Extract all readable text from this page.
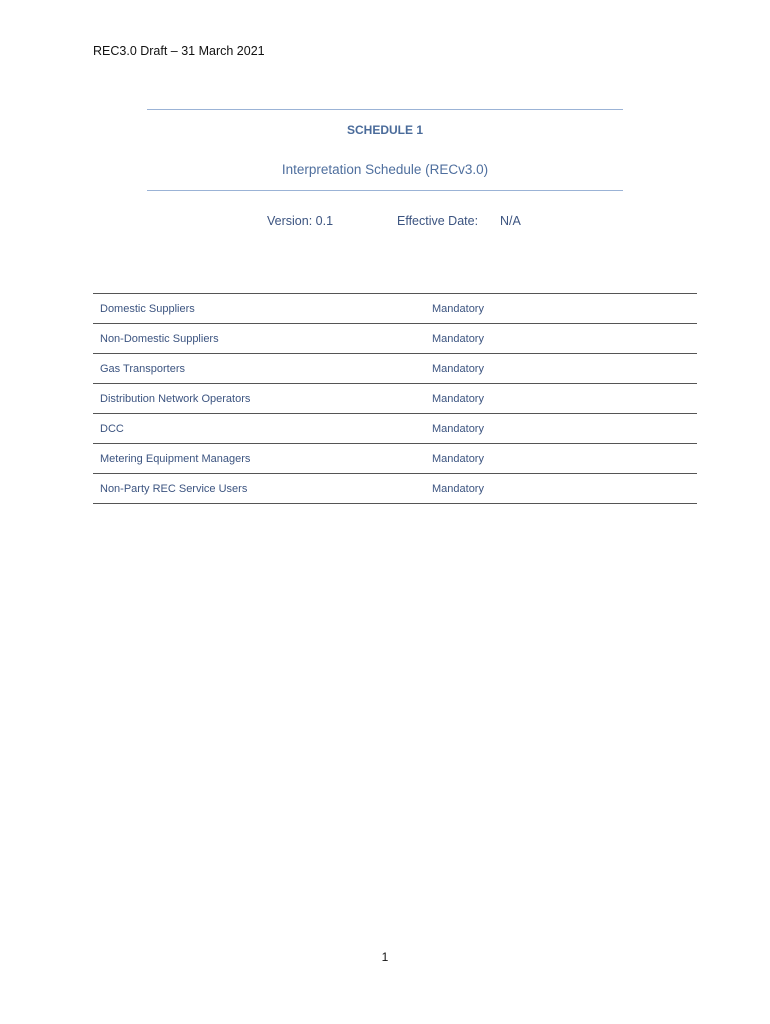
REC3.0 Draft – 31 March 2021
SCHEDULE 1
Interpretation Schedule (RECv3.0)
Version: 0.1	Effective Date: N/A
Domestic Suppliers	Mandatory
Non-Domestic Suppliers	Mandatory
Gas Transporters	Mandatory
Distribution Network Operators	Mandatory
DCC	Mandatory
Metering Equipment Managers	Mandatory
Non-Party REC Service Users	Mandatory
1
